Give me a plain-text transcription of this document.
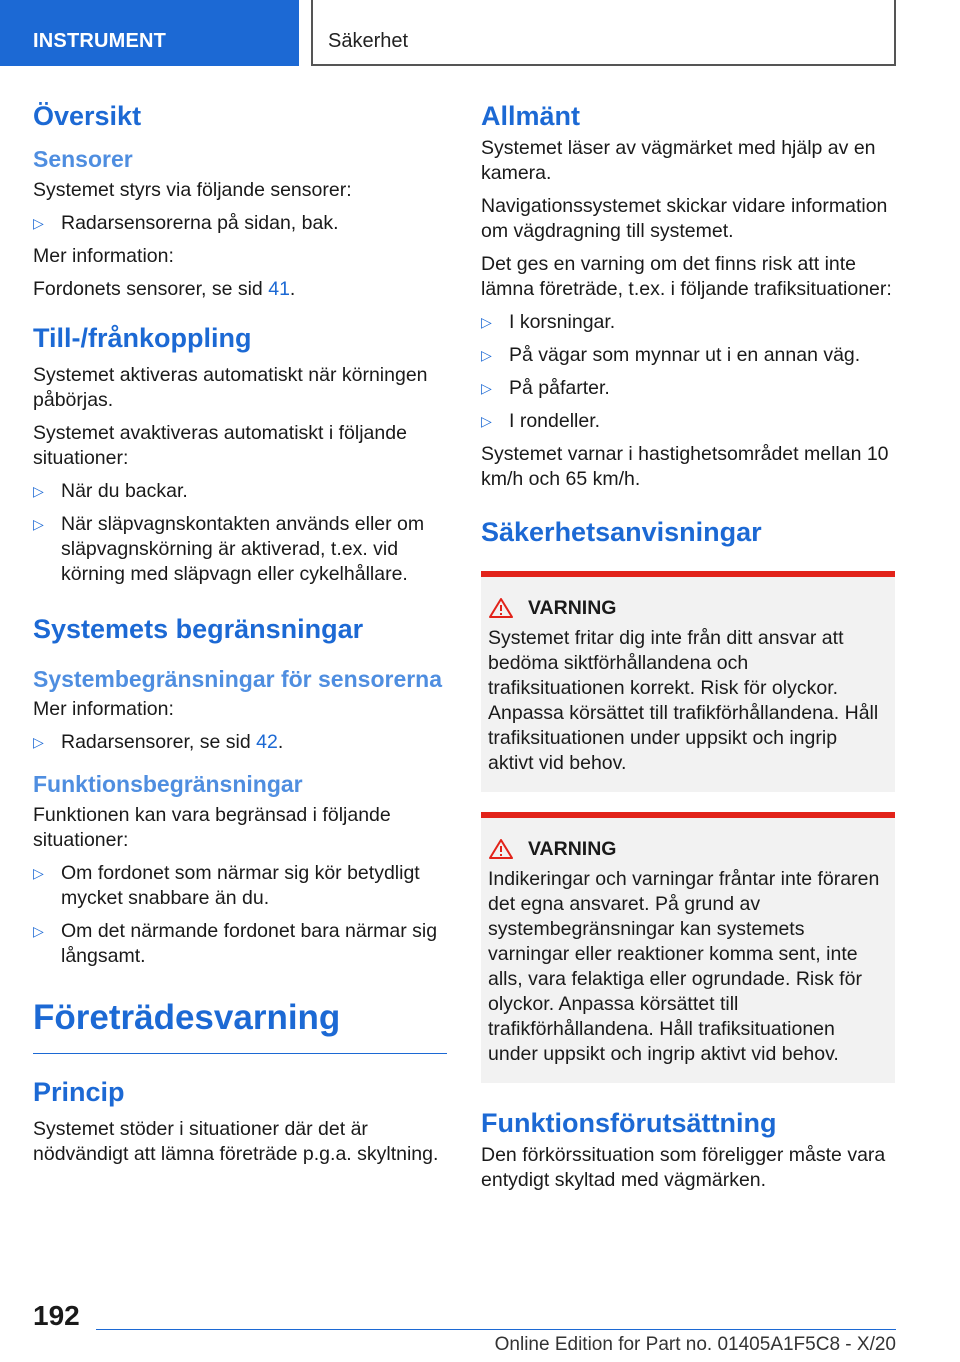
INSTRUMENT	Säkerhet
Översikt
Sensorer

Systemet styrs via följande sensorer:

▷ Radarsensorerna på sidan, bak.

Mer information:

Fordonets sensorer, se sid 41.

Till-/frånkoppling

Systemet aktiveras automatiskt när körningen påbörjas.

Systemet avaktiveras automatiskt i följande situationer:

▷ När du backar.
▷ När släpvagnskontakten används eller om släpvagnskörning är aktiverad, t.ex. vid körning med släpvagn eller cykelhållare.
Systemets begränsningar
Systembegränsningar för sensorerna

Mer information:

▷ Radarsensorer, se sid 42.
Funktionsbegränsningar

Funktionen kan vara begränsad i följande situationer:

▷ Om fordonet som närmar sig kör betydligt mycket snabbare än du.
▷ Om det närmande fordonet bara närmar sig långsamt.
Företrädesvarning
Princip

Systemet stöder i situationer där det är nödvändigt att lämna företräde p.g.a. skyltning.

Allmänt

Systemet läser av vägmärket med hjälp av en kamera.

Navigationssystemet skickar vidare information om vägdragning till systemet.

Det ges en varning om det finns risk att inte lämna företräde, t.ex. i följande trafiksituationer:

▷ I korsningar.
▷ På vägar som mynnar ut i en annan väg.
▷ På påfarter.
▷ I rondeller.

Systemet varnar i hastighetsområdet mellan 10 km/h och 65 km/h.

Säkerhetsanvisningar
VARNING

Systemet fritar dig inte från ditt ansvar att bedöma siktförhållandena och trafiksituationen korrekt. Risk för olyckor. Anpassa körsättet till trafikförhållandena. Håll trafiksituationen under uppsikt och ingrip aktivt vid behov.

VARNING

Indikeringar och varningar fråntar inte föraren det egna ansvaret. På grund av systembegränsningar kan systemets varningar eller reaktioner komma sent, inte alls, vara felaktiga eller ogrundade. Risk för olyckor. Anpassa körsättet till trafikförhållandena. Håll trafiksituationen under uppsikt och ingrip aktivt vid behov.

Funktionsförutsättning

Den förkörssituation som föreligger måste vara entydigt skyltad med vägmärken.

192
Online Edition for Part no. 01405A1F5C8 - X/20
